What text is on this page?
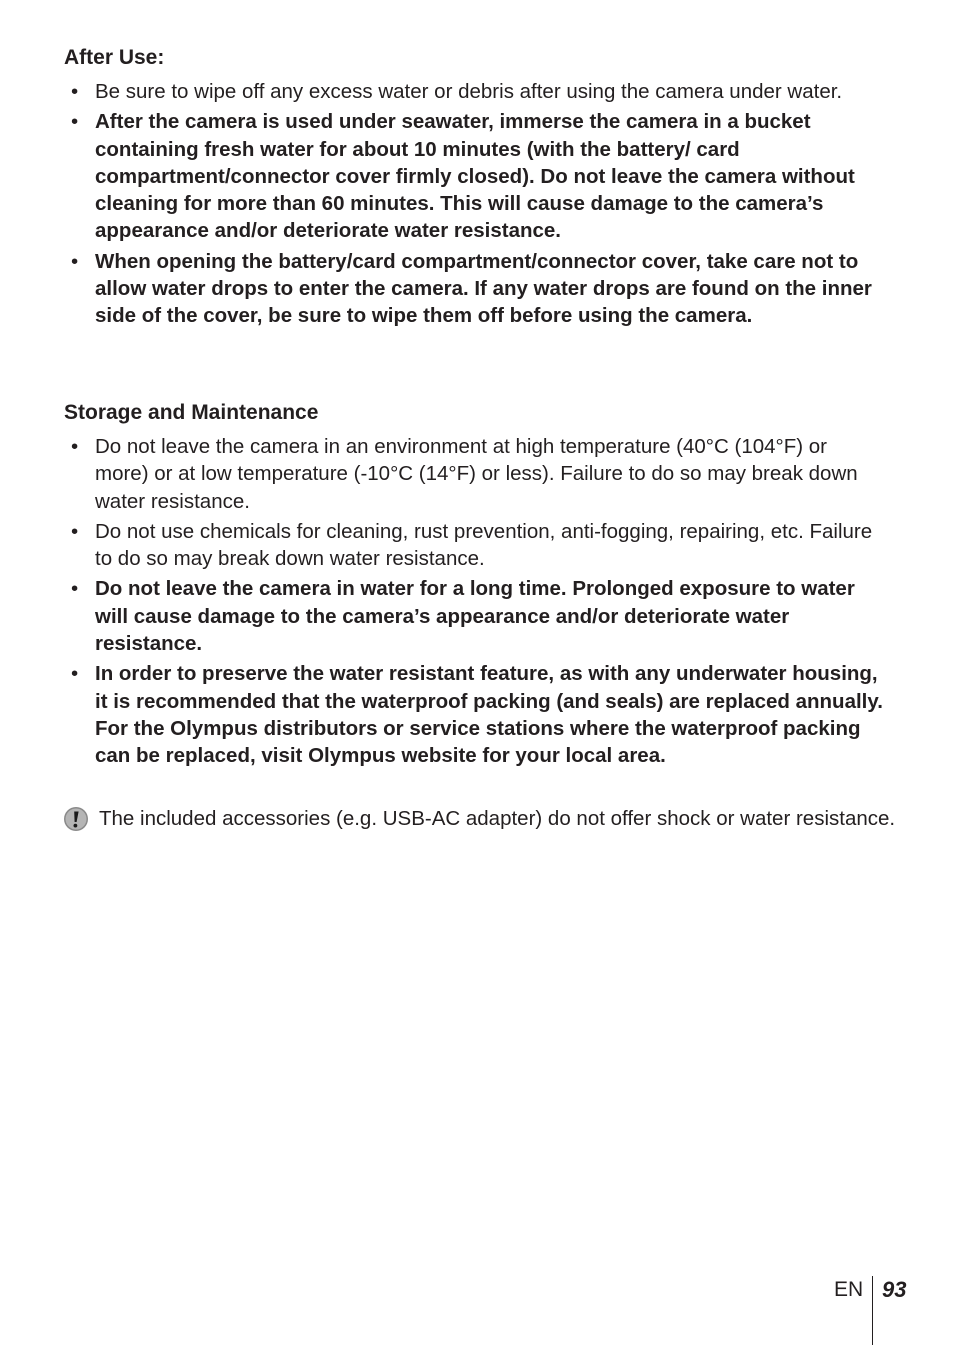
After Use:
• Be sure to wipe off any excess water or debris after using the camera under water.
• After the camera is used under seawater, immerse the camera in a bucket containing fresh water for about 10 minutes (with the battery/ card compartment/connector cover firmly closed). Do not leave the camera without cleaning for more than 60 minutes. This will cause damage to the camera’s appearance and/or deteriorate water resistance.
• When opening the battery/card compartment/connector cover, take care not to allow water drops to enter the camera. If any water drops are found on the inner side of the cover, be sure to wipe them off before using the camera.
Storage and Maintenance
• Do not leave the camera in an environment at high temperature (40°C (104°F) or more) or at low temperature (-10°C (14°F) or less). Failure to do so may break down water resistance.
• Do not use chemicals for cleaning, rust prevention, anti-fogging, repairing, etc. Failure to do so may break down water resistance.
• Do not leave the camera in water for a long time. Prolonged exposure to water will cause damage to the camera’s appearance and/or deteriorate water resistance.
• In order to preserve the water resistant feature, as with any underwater housing, it is recommended that the waterproof packing (and seals) are replaced annually.
For the Olympus distributors or service stations where the waterproof packing can be replaced, visit Olympus website for your local area.
The included accessories (e.g. USB-AC adapter) do not offer shock or water resistance.
EN 93
